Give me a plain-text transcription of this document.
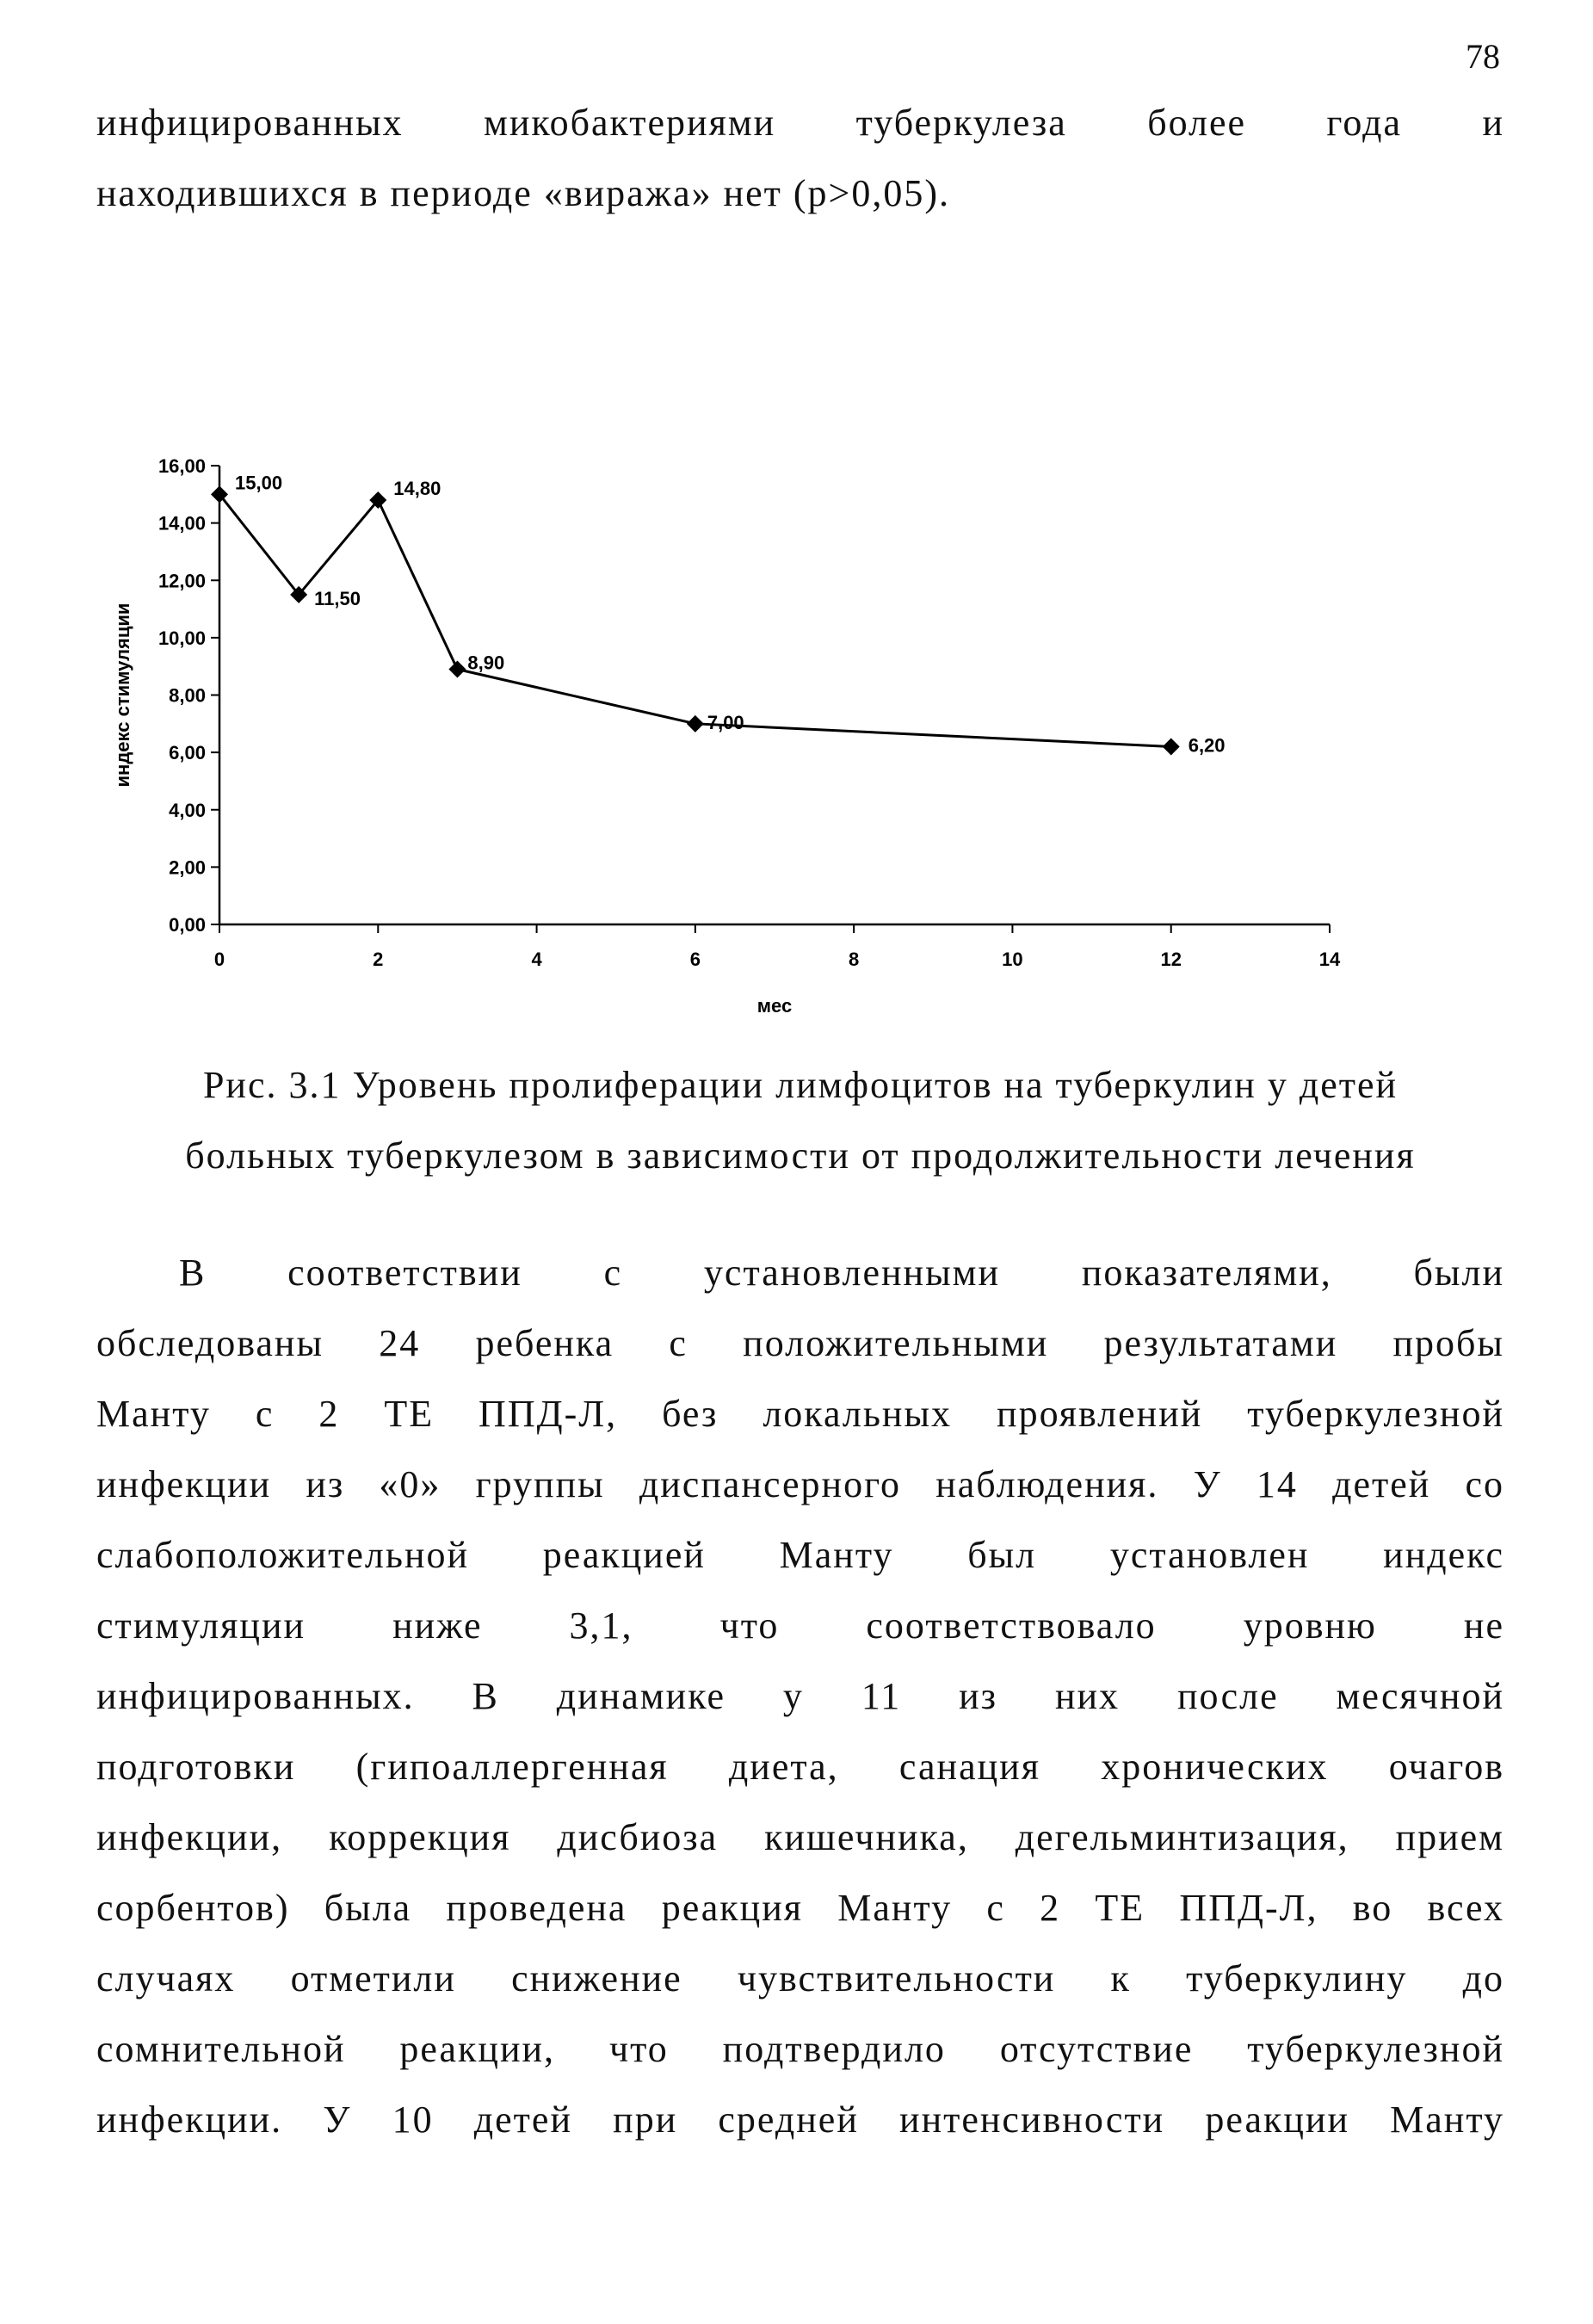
78
инфицированных микобактериями туберкулеза более года и
находившихся в периоде «виража» нет (р>0,05).
0,00
2,00
4,00
6,00
8,00
10,00
12,00
14,00
16,00
0	2	4	6	8	10	12	14
мес
индекс стимуляции
15,00
11,50
14,80
8,90
7,00
6,20
Рис. 3.1 Уровень пролиферации лимфоцитов на туберкулин у детей
больных туберкулезом в зависимости от продолжительности лечения
В соответствии с установленными показателями, были
обследованы 24 ребенка с положительными результатами пробы
Манту с 2 ТЕ ППД-Л, без локальных проявлений туберкулезной
инфекции из «0» группы диспансерного наблюдения. У 14 детей со
слабоположительной реакцией Манту был установлен индекс
стимуляции ниже 3,1, что соответствовало уровню не
инфицированных. В динамике у 11 из них после месячной
подготовки (гипоаллергенная диета, санация хронических очагов
инфекции, коррекция дисбиоза кишечника, дегельминтизация, прием
сорбентов) была проведена реакция Манту с 2 ТЕ ППД-Л, во всех
случаях отметили снижение чувствительности к туберкулину до
сомнительной реакции, что подтвердило отсутствие туберкулезной
инфекции. У 10 детей при средней интенсивности реакции Манту
